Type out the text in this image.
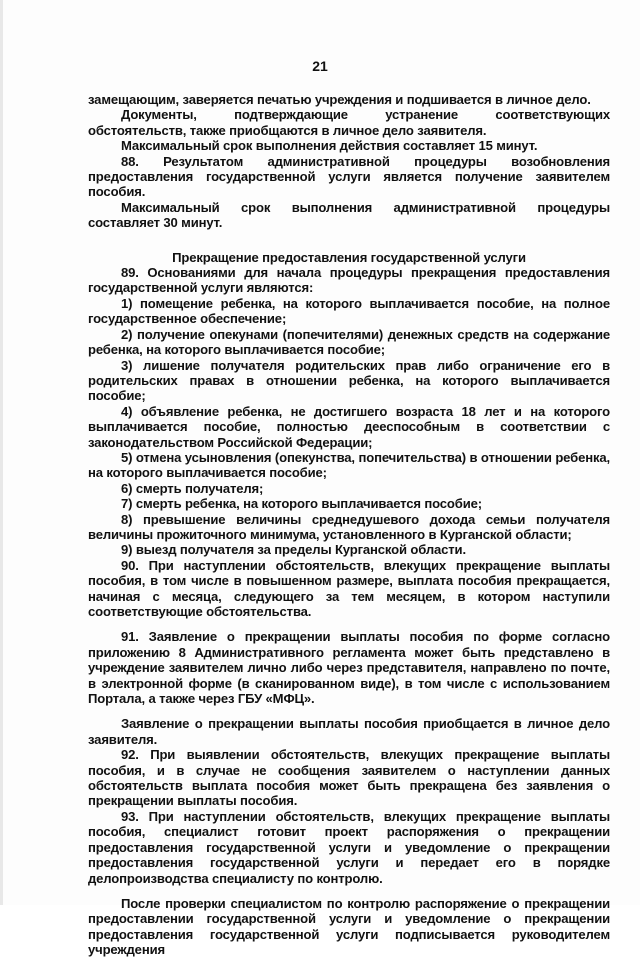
21

замещающим, заверяется печатью учреждения и подшивается в личное дело.

Документы, подтверждающие устранение соответствующих обстоятельств, также приобщаются в личное дело заявителя.

Максимальный срок выполнения действия составляет 15 минут.

88. Результатом административной процедуры возобновления предоставления государственной услуги является получение заявителем пособия.

Максимальный срок выполнения административной процедуры составляет 30 минут.

Прекращение предоставления государственной услуги

89. Основаниями для начала процедуры прекращения предоставления государственной услуги являются:

1) помещение ребенка, на которого выплачивается пособие, на полное государственное обеспечение;

2) получение опекунами (попечителями) денежных средств на содержание ребенка, на которого выплачивается пособие;

3) лишение получателя родительских прав либо ограничение его в родительских правах в отношении ребенка, на которого выплачивается пособие;

4) объявление ребенка, не достигшего возраста 18 лет и на которого выплачивается пособие, полностью дееспособным в соответствии с законодательством Российской Федерации;

5) отмена усыновления (опекунства, попечительства) в отношении ребенка, на которого выплачивается пособие;

6) смерть получателя;

7) смерть ребенка, на которого выплачивается пособие;

8) превышение величины среднедушевого дохода семьи получателя величины прожиточного минимума, установленного в Курганской области;

9) выезд получателя за пределы Курганской области.

90. При наступлении обстоятельств, влекущих прекращение выплаты пособия, в том числе в повышенном размере, выплата пособия прекращается, начиная с месяца, следующего за тем месяцем, в котором наступили соответствующие обстоятельства.

91. Заявление о прекращении выплаты пособия по форме согласно приложению 8 Административного регламента может быть представлено в учреждение заявителем лично либо через представителя, направлено по почте, в электронной форме (в сканированном виде), в том числе с использованием Портала, а также через ГБУ «МФЦ».

Заявление о прекращении выплаты пособия приобщается в личное дело заявителя.

92. При выявлении обстоятельств, влекущих прекращение выплаты пособия, и в случае не сообщения заявителем о наступлении данных обстоятельств выплата пособия может быть прекращена без заявления о прекращении выплаты пособия.

93. При наступлении обстоятельств, влекущих прекращение выплаты пособия, специалист готовит проект распоряжения о прекращении предоставления государственной услуги и уведомление о прекращении предоставления государственной услуги и передает его в порядке делопроизводства специалисту по контролю.

После проверки специалистом по контролю распоряжение о прекращении предоставлении государственной услуги и уведомление о прекращении предоставления государственной услуги подписывается руководителем учреждения
